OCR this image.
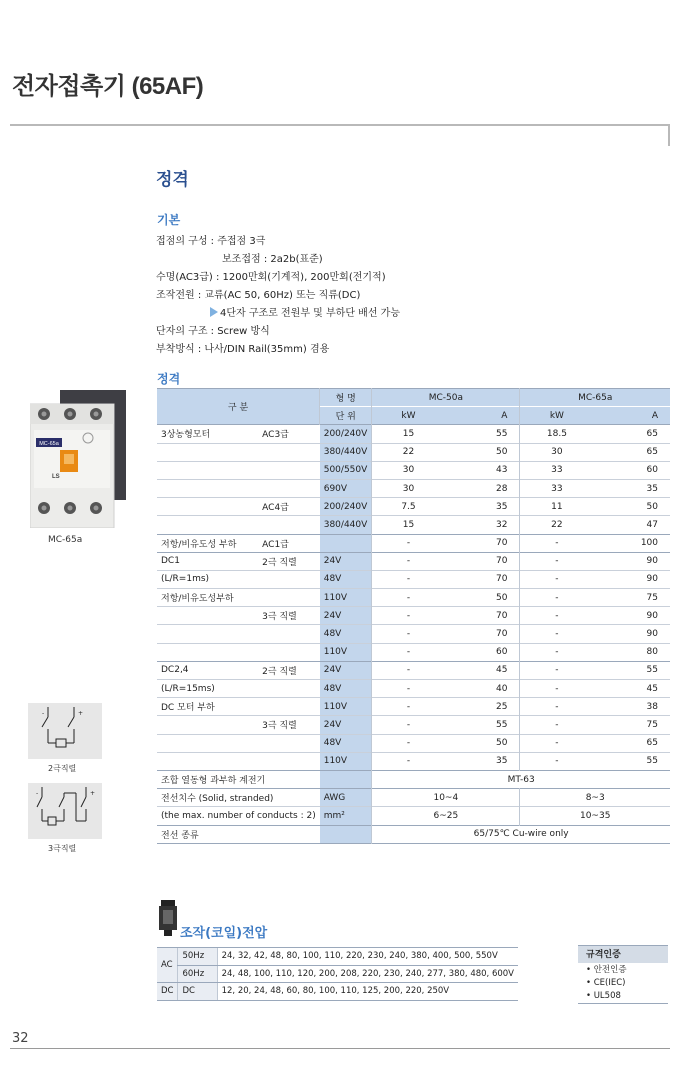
전자접촉기 (65AF)
정격
기본
접점의 구성 : 주접점 3극
보조접점 : 2a2b(표준)
수명(AC3급) : 1200만회(기계적), 200만회(전기적)
조작전원 : 교류(AC 50, 60Hz) 또는 직류(DC)
4단자 구조로 전원부 및 부하단 배선 가능
단자의 구조 : Screw 방식
부착방식 : 나사/DIN Rail(35mm) 겸용
정격
MC-65a
LS
MC-65a
구 분		형 명	MC-50a		MC-65a	
		단 위	kW	A	kW	A
3상농형모터	AC3급	200/240V	15	55	18.5	65
		380/440V	22	50	30	65
		500/550V	30	43	33	60
		690V	30	28	33	35
	AC4급	200/240V	7.5	35	11	50
		380/440V	15	32	22	47
저항/비유도성 부하	AC1급		-	70	-	100
DC1	2극 직렬	24V	-	70	-	90
(L/R=1ms)		48V	-	70	-	90
저항/비유도성부하		110V	-	50	-	75
	3극 직렬	24V	-	70	-	90
		48V	-	70	-	90
		110V	-	60	-	80
DC2,4	2극 직렬	24V	-	45	-	55
(L/R=15ms)		48V	-	40	-	45
DC 모터 부하		110V	-	25	-	38
	3극 직렬	24V	-	55	-	75
		48V	-	50	-	65
		110V	-	35	-	55
조합 열동형 과부하 계전기			MT-63			
전선치수 (Solid, stranded)		AWG	10~4		8~3	
(the max. number of conducts : 2)		mm²	6~25		10~35	
전선 종류			65/75℃ Cu-wire only			
-	+
2극직렬
-	+
3극직렬
조작(코일)전압
AC	50Hz	24, 32, 42, 48, 80, 100, 110, 220, 230, 240, 380, 400, 500, 550V
	60Hz	24, 48, 100, 110, 120, 200, 208, 220, 230, 240, 277, 380, 480, 600V
DC	DC	12, 20, 24, 48, 60, 80, 100, 110, 125, 200, 220, 250V
규격인증
• 안전인증
• CE(IEC)
• UL508
32
